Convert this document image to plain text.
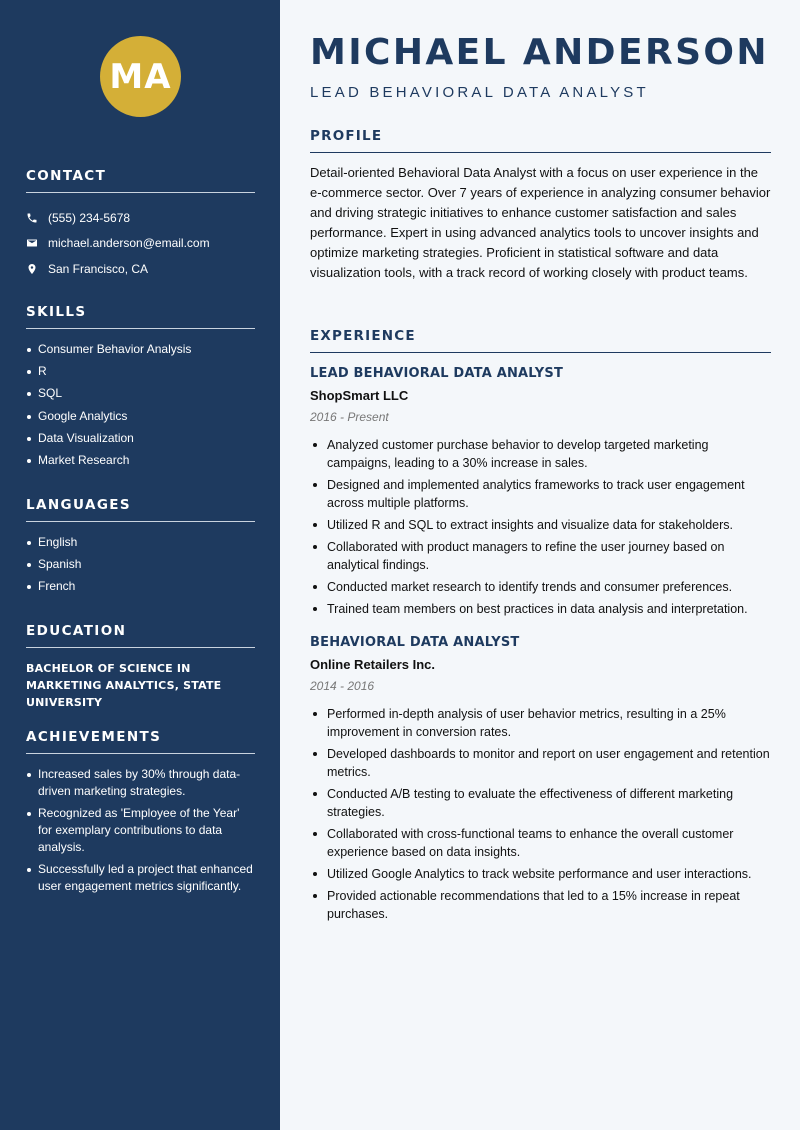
MA
CONTACT
(555) 234-5678
michael.anderson@email.com
San Francisco, CA
SKILLS
Consumer Behavior Analysis
R
SQL
Google Analytics
Data Visualization
Market Research
LANGUAGES
English
Spanish
French
EDUCATION
BACHELOR OF SCIENCE IN MARKETING ANALYTICS, STATE UNIVERSITY
ACHIEVEMENTS
Increased sales by 30% through data-driven marketing strategies.
Recognized as 'Employee of the Year' for exemplary contributions to data analysis.
Successfully led a project that enhanced user engagement metrics significantly.
MICHAEL ANDERSON
LEAD BEHAVIORAL DATA ANALYST
PROFILE

Detail-oriented Behavioral Data Analyst with a focus on user experience in the e-commerce sector. Over 7 years of experience in analyzing consumer behavior and driving strategic initiatives to enhance customer satisfaction and sales performance. Expert in using advanced analytics tools to uncover insights and optimize marketing strategies. Proficient in statistical software and data visualization tools, with a track record of working closely with product teams.

EXPERIENCE
LEAD BEHAVIORAL DATA ANALYST
ShopSmart LLC
2016 - Present
Analyzed customer purchase behavior to develop targeted marketing campaigns, leading to a 30% increase in sales.
Designed and implemented analytics frameworks to track user engagement across multiple platforms.
Utilized R and SQL to extract insights and visualize data for stakeholders.
Collaborated with product managers to refine the user journey based on analytical findings.
Conducted market research to identify trends and consumer preferences.
Trained team members on best practices in data analysis and interpretation.
BEHAVIORAL DATA ANALYST
Online Retailers Inc.
2014 - 2016
Performed in-depth analysis of user behavior metrics, resulting in a 25% improvement in conversion rates.
Developed dashboards to monitor and report on user engagement and retention metrics.
Conducted A/B testing to evaluate the effectiveness of different marketing strategies.
Collaborated with cross-functional teams to enhance the overall customer experience based on data insights.
Utilized Google Analytics to track website performance and user interactions.
Provided actionable recommendations that led to a 15% increase in repeat purchases.
